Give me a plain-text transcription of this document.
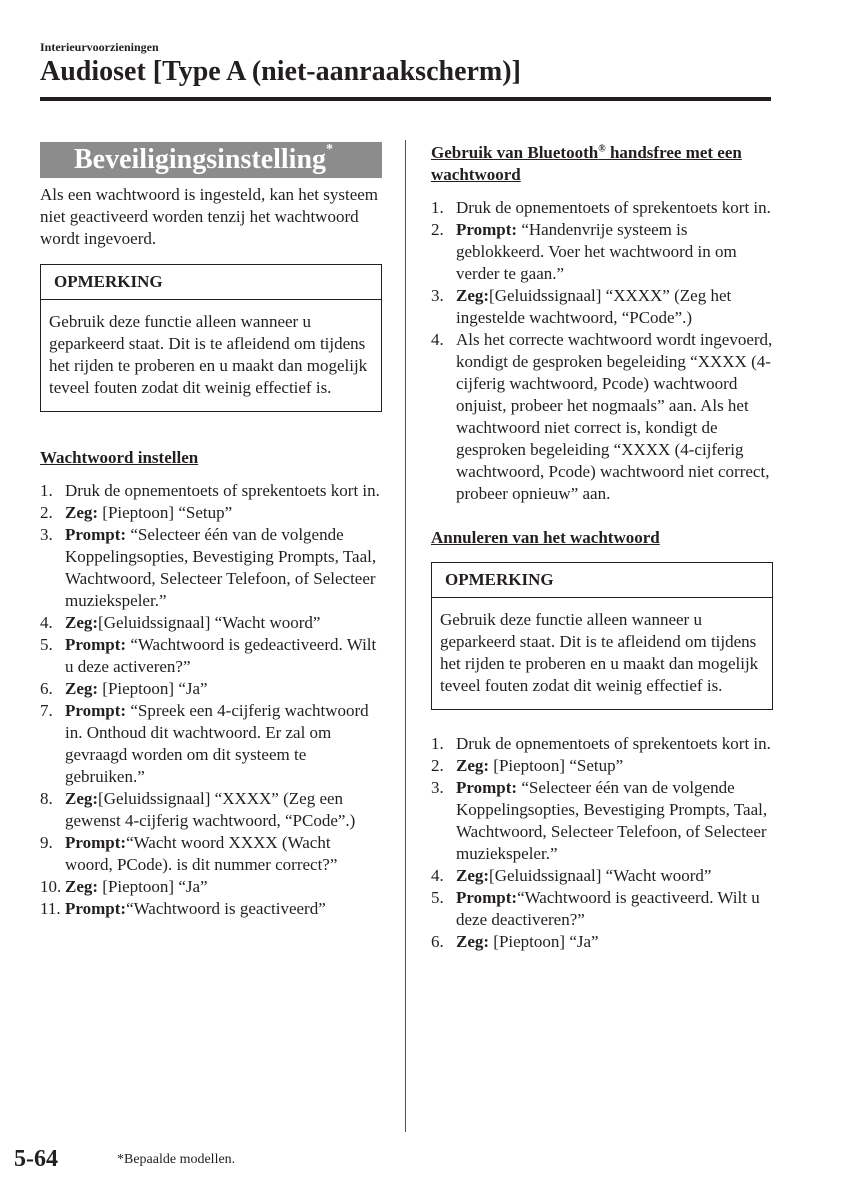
Interieurvoorzieningen
Audioset [Type A (niet-aanraakscherm)]
Beveiligingsinstelling*

Als een wachtwoord is ingesteld, kan het systeem niet geactiveerd worden tenzij het wachtwoord wordt ingevoerd.

OPMERKING
Gebruik deze functie alleen wanneer u geparkeerd staat. Dit is te afleidend om tijdens het rijden te proberen en u maakt dan mogelijk teveel fouten zodat dit weinig effectief is.
Wachtwoord instellen
1. Druk de opnementoets of sprekentoets kort in.
2. Zeg: [Pieptoon] “Setup”
3. Prompt: “Selecteer één van de volgende Koppelingsopties, Bevestiging Prompts, Taal, Wachtwoord, Selecteer Telefoon, of Selecteer muziekspeler.”
4. Zeg:[Geluidssignaal] “Wacht woord”
5. Prompt: “Wachtwoord is gedeactiveerd. Wilt u deze activeren?”
6. Zeg: [Pieptoon] “Ja”
7. Prompt: “Spreek een 4-cijferig wachtwoord in. Onthoud dit wachtwoord. Er zal om gevraagd worden om dit systeem te gebruiken.”
8. Zeg:[Geluidssignaal] “XXXX” (Zeg een gewenst 4-cijferig wachtwoord, “PCode”.)
9. Prompt:“Wacht woord XXXX (Wacht woord, PCode). is dit nummer correct?”
10. Zeg: [Pieptoon] “Ja”
11. Prompt:“Wachtwoord is geactiveerd”
Gebruik van Bluetooth® handsfree met een wachtwoord
1. Druk de opnementoets of sprekentoets kort in.
2. Prompt: “Handenvrije systeem is geblokkeerd. Voer het wachtwoord in om verder te gaan.”
3. Zeg:[Geluidssignaal] “XXXX” (Zeg het ingestelde wachtwoord, “PCode”.)
4. Als het correcte wachtwoord wordt ingevoerd, kondigt de gesproken begeleiding “XXXX (4-cijferig wachtwoord, Pcode) wachtwoord onjuist, probeer het nogmaals” aan. Als het wachtwoord niet correct is, kondigt de gesproken begeleiding “XXXX (4-cijferig wachtwoord, Pcode) wachtwoord niet correct, probeer opnieuw” aan.
Annuleren van het wachtwoord
OPMERKING
Gebruik deze functie alleen wanneer u geparkeerd staat. Dit is te afleidend om tijdens het rijden te proberen en u maakt dan mogelijk teveel fouten zodat dit weinig effectief is.
1. Druk de opnementoets of sprekentoets kort in.
2. Zeg: [Pieptoon] “Setup”
3. Prompt: “Selecteer één van de volgende Koppelingsopties, Bevestiging Prompts, Taal, Wachtwoord, Selecteer Telefoon, of Selecteer muziekspeler.”
4. Zeg:[Geluidssignaal] “Wacht woord”
5. Prompt:“Wachtwoord is geactiveerd. Wilt u deze deactiveren?”
6. Zeg: [Pieptoon] “Ja”
5-64	*Bepaalde modellen.
